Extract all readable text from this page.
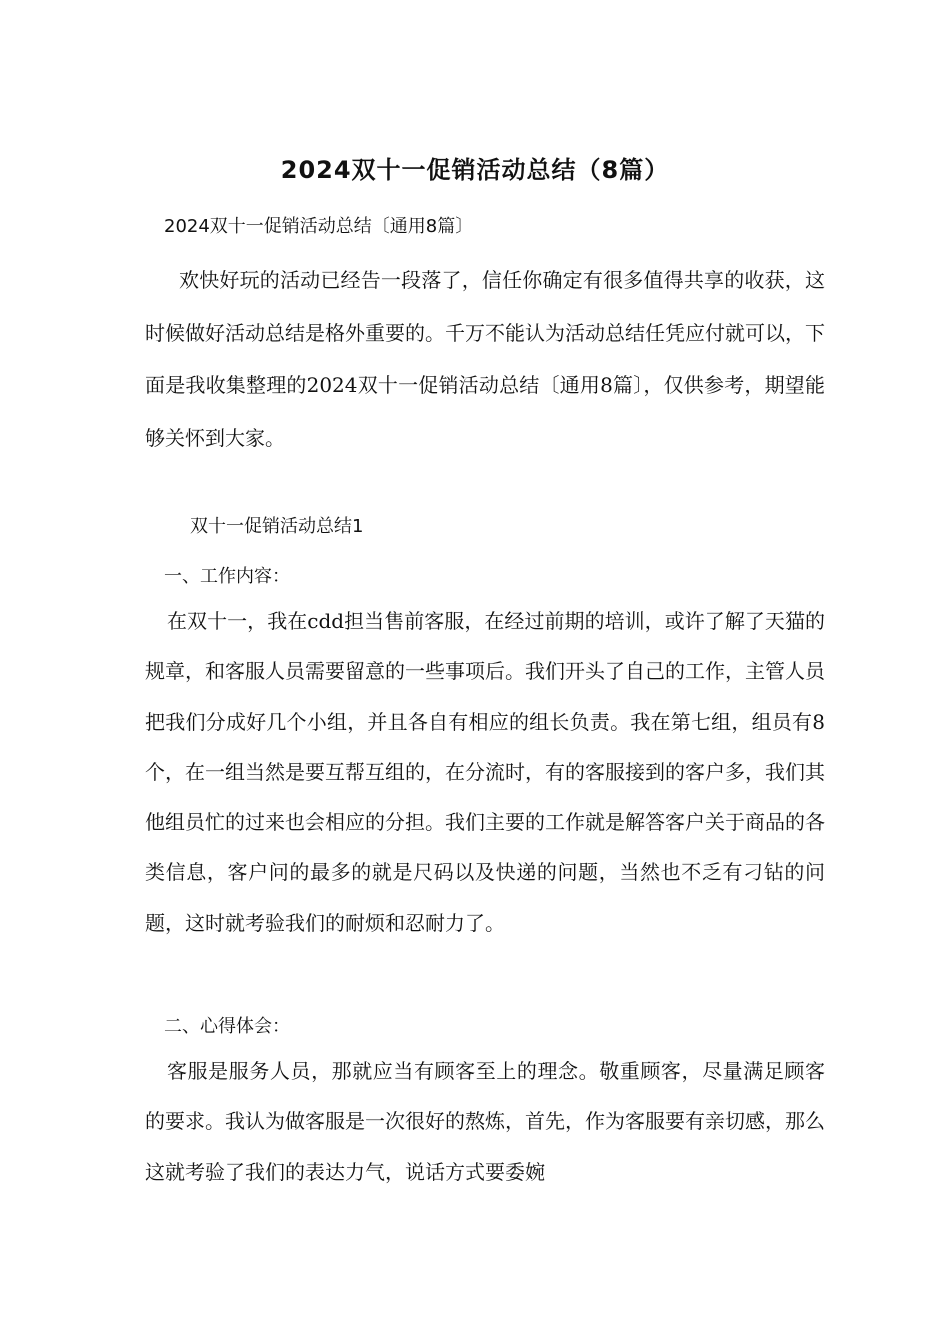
2024双十一促销活动总结（8篇）
2024双十一促销活动总结〔通用8篇〕
欢快好玩的活动已经告一段落了，信任你确定有很多值得共享的收获，这时候做好活动总结是格外重要的。千万不能认为活动总结任凭应付就可以，下面是我收集整理的2024双十一促销活动总结〔通用8篇〕，仅供参考，期望能够关怀到大家。
双十一促销活动总结1
一、工作内容：
在双十一，我在cdd担当售前客服，在经过前期的培训，或许了解了天猫的规章，和客服人员需要留意的一些事项后。我们开头了自己的工作，主管人员把我们分成好几个小组，并且各自有相应的组长负责。我在第七组，组员有8个，在一组当然是要互帮互组的，在分流时，有的客服接到的客户多，我们其他组员忙的过来也会相应的分担。我们主要的工作就是解答客户关于商品的各类信息，客户问的最多的就是尺码以及快递的问题，当然也不乏有刁钻的问题，这时就考验我们的耐烦和忍耐力了。
二、心得体会：
客服是服务人员，那就应当有顾客至上的理念。敬重顾客，尽量满足顾客的要求。我认为做客服是一次很好的熬炼，首先，作为客服要有亲切感，那么这就考验了我们的表达力气，说话方式要委婉
